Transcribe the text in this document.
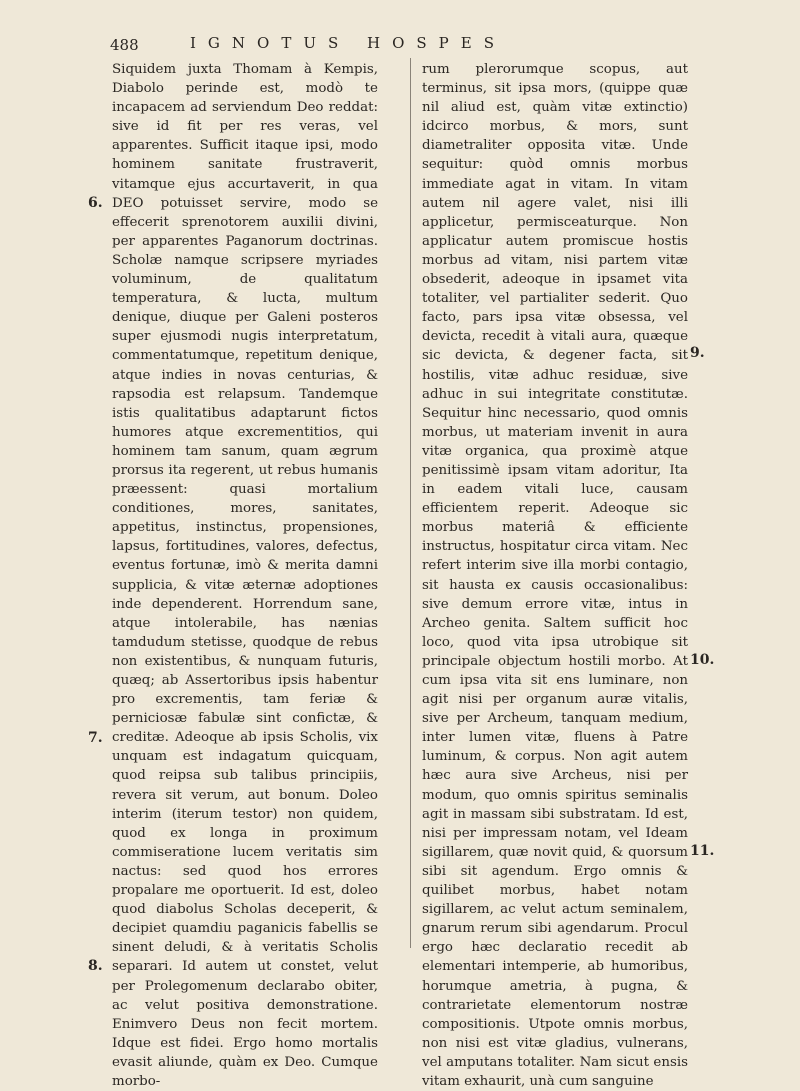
488	IGNOTUS HOSPES

Siquidem juxta Thomam à Kempis, Diabolo perinde est, modò te incapacem ad serviendum Deo reddat: sive id fit per res veras, vel apparentes. Sufficit itaque ipsi, modo hominem sanitate frustraverit, vitamque ejus accurtaverit, in qua DEO potuisset servire, modo se effecerit sprenotorem auxilii divini, per apparentes Paganorum doctrinas. Scholæ namque scripsere myriades voluminum, de qualitatum temperatura, & lucta, multum denique, diuque per Galeni posteros super ejusmodi nugis interpretatum, commentatumque, repetitum denique, atque indies in novas centurias, & rapsodia est relapsum. Tandemque istis qualitatibus adaptarunt fictos humores atque excrementitios, qui hominem tam sanum, quam ægrum prorsus ita regerent, ut rebus humanis præessent: quasi mortalium conditiones, mores, sanitates, appetitus, instinctus, propensiones, lapsus, fortitudines, valores, defectus, eventus fortunæ, imò & merita damni supplicia, & vitæ æternæ adoptiones inde dependerent. Horrendum sane, atque intolerabile, has nænias tamdudum stetisse, quodque de rebus non existentibus, & nunquam futuris, quæq; ab Assertoribus ipsis habentur pro excrementis, tam feriæ & perniciosæ fabulæ sint confictæ, & creditæ. Adeoque ab ipsis Scholis, vix unquam est indagatum quicquam, quod reipsa sub talibus principiis, revera sit verum, aut bonum. Doleo interim (iterum testor) non quidem, quod ex longa in proximum commiseratione lucem veritatis sim nactus: sed quod hos errores propalare me oportuerit. Id est, doleo quod diabolus Scholas deceperit, & decipiet quamdiu paganicis fabellis se sinent deludi, & à veritatis Scholis separari. Id autem ut constet, velut per Prolegomenum declarabo obiter, ac velut positiva demonstratione. Enimvero Deus non fecit mortem. Idque est fidei. Ergo homo mortalis evasit aliunde, quàm ex Deo. Cumque morbo-

rum plerorumque scopus, aut terminus, sit ipsa mors, (quippe quæ nil aliud est, quàm vitæ extinctio) idcirco morbus, & mors, sunt diametraliter opposita vitæ. Unde sequitur: quòd omnis morbus immediate agat in vitam. In vitam autem nil agere valet, nisi illi applicetur, permisceaturque. Non applicatur autem promiscue hostis morbus ad vitam, nisi partem vitæ obsederit, adeoque in ipsamet vita totaliter, vel partialiter sederit. Quo facto, pars ipsa vitæ obsessa, vel devicta, recedit à vitali aura, quæque sic devicta, & degener facta, sit hostilis, vitæ adhuc residuæ, sive adhuc in sui integritate constitutæ. Sequitur hinc necessario, quod omnis morbus, ut materiam invenit in aura vitæ organica, qua proximè atque penitissimè ipsam vitam adoritur, Ita in eadem vitali luce, causam efficientem reperit. Adeoque sic morbus materiâ & efficiente instructus, hospitatur circa vitam. Nec refert interim sive illa morbi contagio, sit hausta ex causis occasionalibus: sive demum errore vitæ, intus in Archeo genita. Saltem sufficit hoc loco, quod vita ipsa utrobique sit principale objectum hostili morbo. At cum ipsa vita sit ens luminare, non agit nisi per organum auræ vitalis, sive per Archeum, tanquam medium, inter lumen vitæ, fluens à Patre luminum, & corpus. Non agit autem hæc aura sive Archeus, nisi per modum, quo omnis spiritus seminalis agit in massam sibi substratam. Id est, nisi per impressam notam, vel Ideam sigillarem, quæ novit quid, & quorsum sibi sit agendum. Ergo omnis & quilibet morbus, habet notam sigillarem, ac velut actum seminalem, gnarum rerum sibi agendarum. Procul ergo hæc declaratio recedit ab elementari intemperie, ab humoribus, horumque ametria, à pugna, & contrarietate elementorum nostræ compositionis. Utpote omnis morbus, non nisi est vitæ gladius, vulnerans, vel amputans totaliter. Nam sicut ensis vitam exhaurit, unà cum sanguine

6.
7.
8.
9.
10.
11.
